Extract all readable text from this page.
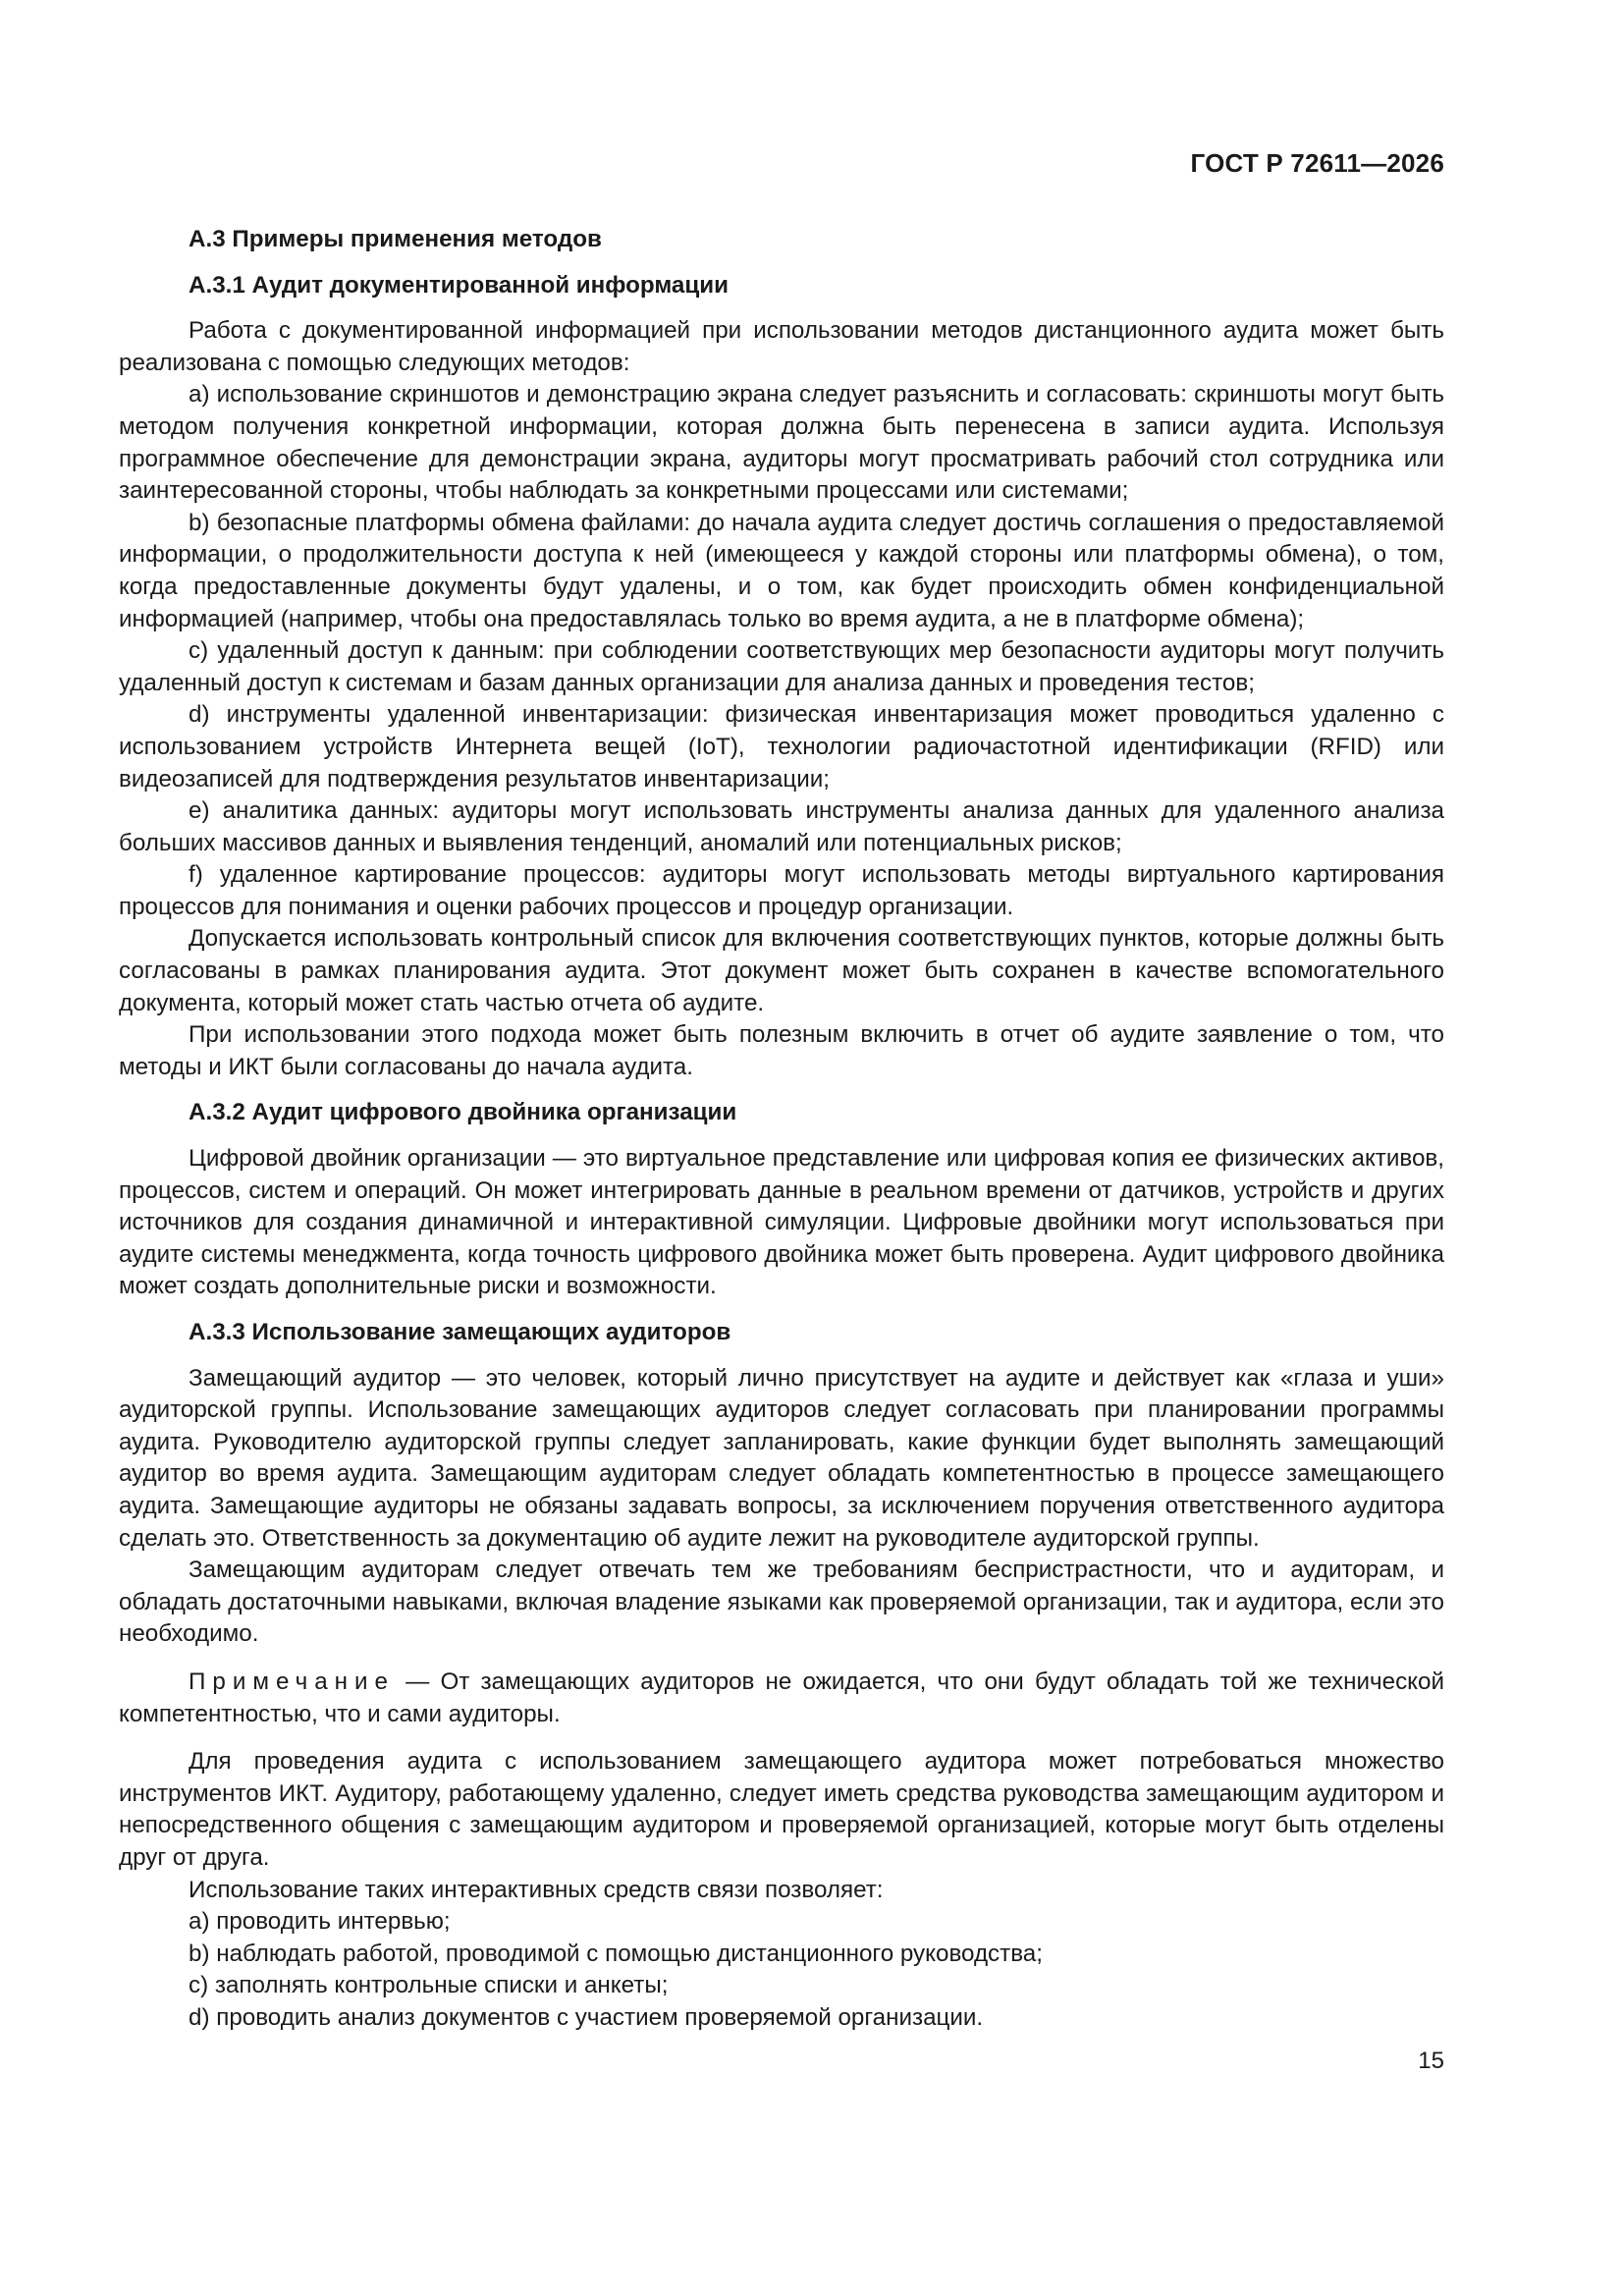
ГОСТ Р 72611—2026

А.3 Примеры применения методов

А.3.1 Аудит документированной информации

Работа с документированной информацией при использовании методов дистанционного аудита может быть реализована с помощью следующих методов:

a) использование скриншотов и демонстрацию экрана следует разъяснить и согласовать: скриншоты могут быть методом получения конкретной информации, которая должна быть перенесена в записи аудита. Используя программное обеспечение для демонстрации экрана, аудиторы могут просматривать рабочий стол сотрудника или заинтересованной стороны, чтобы наблюдать за конкретными процессами или системами;

b) безопасные платформы обмена файлами: до начала аудита следует достичь соглашения о предоставляемой информации, о продолжительности доступа к ней (имеющееся у каждой стороны или платформы обмена), о том, когда предоставленные документы будут удалены, и о том, как будет происходить обмен конфиденциальной информацией (например, чтобы она предоставлялась только во время аудита, а не в платформе обмена);

c) удаленный доступ к данным: при соблюдении соответствующих мер безопасности аудиторы могут получить удаленный доступ к системам и базам данных организации для анализа данных и проведения тестов;

d) инструменты удаленной инвентаризации: физическая инвентаризация может проводиться удаленно с использованием устройств Интернета вещей (IoT), технологии радиочастотной идентификации (RFID) или видеозаписей для подтверждения результатов инвентаризации;

e) аналитика данных: аудиторы могут использовать инструменты анализа данных для удаленного анализа больших массивов данных и выявления тенденций, аномалий или потенциальных рисков;

f) удаленное картирование процессов: аудиторы могут использовать методы виртуального картирования процессов для понимания и оценки рабочих процессов и процедур организации.

Допускается использовать контрольный список для включения соответствующих пунктов, которые должны быть согласованы в рамках планирования аудита. Этот документ может быть сохранен в качестве вспомогательного документа, который может стать частью отчета об аудите.

При использовании этого подхода может быть полезным включить в отчет об аудите заявление о том, что методы и ИКТ были согласованы до начала аудита.

А.3.2 Аудит цифрового двойника организации

Цифровой двойник организации — это виртуальное представление или цифровая копия ее физических активов, процессов, систем и операций. Он может интегрировать данные в реальном времени от датчиков, устройств и других источников для создания динамичной и интерактивной симуляции. Цифровые двойники могут использоваться при аудите системы менеджмента, когда точность цифрового двойника может быть проверена. Аудит цифрового двойника может создать дополнительные риски и возможности.

А.3.3 Использование замещающих аудиторов

Замещающий аудитор — это человек, который лично присутствует на аудите и действует как «глаза и уши» аудиторской группы. Использование замещающих аудиторов следует согласовать при планировании программы аудита. Руководителю аудиторской группы следует запланировать, какие функции будет выполнять замещающий аудитор во время аудита. Замещающим аудиторам следует обладать компетентностью в процессе замещающего аудита. Замещающие аудиторы не обязаны задавать вопросы, за исключением поручения ответственного аудитора сделать это. Ответственность за документацию об аудите лежит на руководителе аудиторской группы.

Замещающим аудиторам следует отвечать тем же требованиям беспристрастности, что и аудиторам, и обладать достаточными навыками, включая владение языками как проверяемой организации, так и аудитора, если это необходимо.

Примечание — От замещающих аудиторов не ожидается, что они будут обладать той же технической компетентностью, что и сами аудиторы.

Для проведения аудита с использованием замещающего аудитора может потребоваться множество инструментов ИКТ. Аудитору, работающему удаленно, следует иметь средства руководства замещающим аудитором и непосредственного общения с замещающим аудитором и проверяемой организацией, которые могут быть отделены друг от друга.

Использование таких интерактивных средств связи позволяет:

a) проводить интервью;

b) наблюдать работой, проводимой с помощью дистанционного руководства;

c) заполнять контрольные списки и анкеты;

d) проводить анализ документов с участием проверяемой организации.

15
